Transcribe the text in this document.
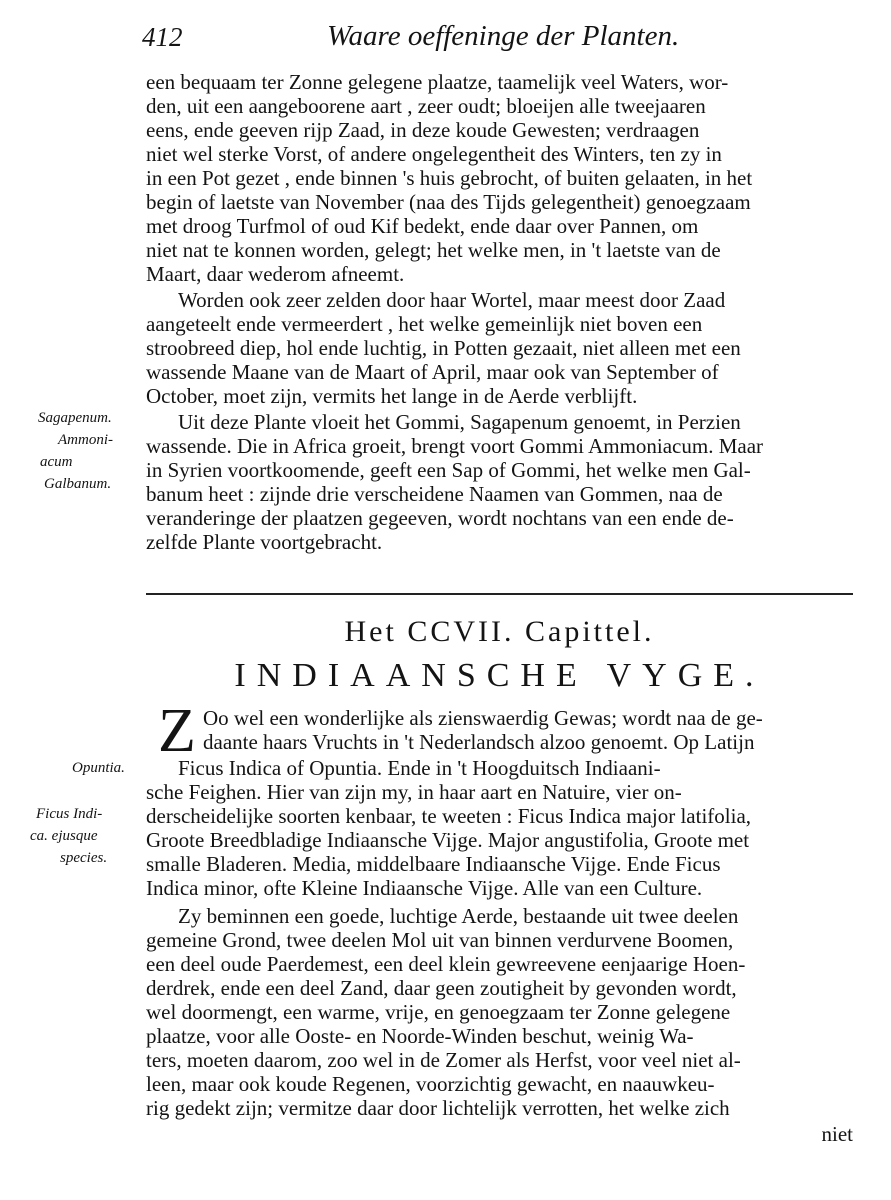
412	Waare oeffeninge der Planten.
een bequaam ter Zonne gelegene plaatze, taamelijk veel Waters, wor-
den, uit een aangeboorene aart , zeer oudt; bloeijen alle tweejaaren
eens, ende geeven rijp Zaad, in deze koude Gewesten; verdraagen
niet wel sterke Vorst, of andere ongelegentheit des Winters, ten zy in
in een Pot gezet , ende binnen 's huis gebrocht, of buiten gelaaten, in het
begin of laetste van November (naa des Tijds gelegentheit) genoegzaam
met droog Turfmol of oud Kif bedekt, ende daar over Pannen, om
niet nat te konnen worden, gelegt; het welke men, in 't laetste van de
Maart, daar wederom afneemt.
Worden ook zeer zelden door haar Wortel, maar meest door Zaad
aangeteelt ende vermeerdert , het welke gemeinlijk niet boven een
stroobreed diep, hol ende luchtig, in Potten gezaait, niet alleen met een
wassende Maane van de Maart of April, maar ook van September of
October, moet zijn, vermits het lange in de Aerde verblijft.
Uit deze Plante vloeit het Gommi, Sagapenum genoemt, in Perzien
wassende. Die in Africa groeit, brengt voort Gommi Ammoniacum. Maar
in Syrien voortkoomende, geeft een Sap of Gommi, het welke men Gal-
banum heet : zijnde drie verscheidene Naamen van Gommen, naa de
veranderinge der plaatzen gegeeven, wordt nochtans van een ende de-
zelfde Plante voortgebracht.
Sagapenum.
Ammoni-
acum
Galbanum.
Het CCVII. Capittel.
INDIAANSCHE VYGE.
Z Oo wel een wonderlijke als zienswaerdig Gewas; wordt naa de ge-
daante haars Vruchts in 't Nederlandsch alzoo genoemt. Op Latijn
Ficus Indica of Opuntia. Ende in 't Hoogduitsch Indiaani-
sche Feighen. Hier van zijn my, in haar aart en Natuire, vier on-
derscheidelijke soorten kenbaar, te weeten : Ficus Indica major latifolia,
Groote Breedbladige Indiaansche Vijge. Major angustifolia, Groote met
smalle Bladeren. Media, middelbaare Indiaansche Vijge. Ende Ficus
Indica minor, ofte Kleine Indiaansche Vijge. Alle van een Culture.
Zy beminnen een goede, luchtige Aerde, bestaande uit twee deelen
gemeine Grond, twee deelen Mol uit van binnen verdurvene Boomen,
een deel oude Paerdemest, een deel klein gewreevene eenjaarige Hoen-
derdrek, ende een deel Zand, daar geen zoutigheit by gevonden wordt,
wel doormengt, een warme, vrije, en genoegzaam ter Zonne gelegene
plaatze, voor alle Ooste- en Noorde-Winden beschut, weinig Wa-
ters, moeten daarom, zoo wel in de Zomer als Herfst, voor veel niet al-
leen, maar ook koude Regenen, voorzichtig gewacht, en naauwkeu-
rig gedekt zijn; vermitze daar door lichtelijk verrotten, het welke zich
niet
Opuntia.
Ficus Indi-
ca. ejusque
species.
